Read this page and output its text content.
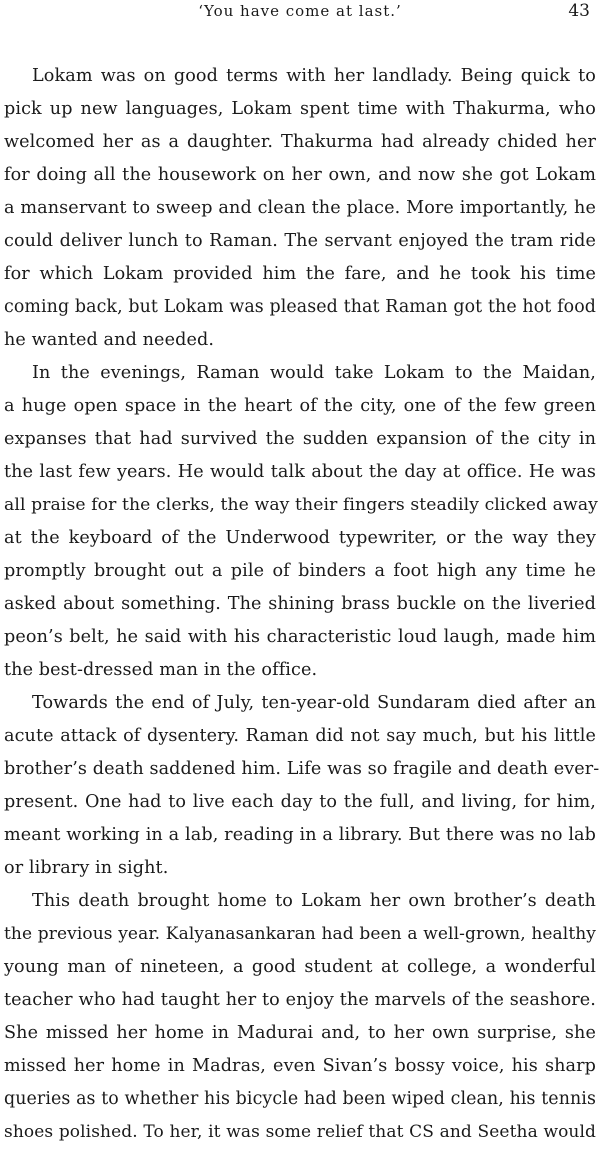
‘You have come at last.’	43
Lokam was on good terms with her landlady. Being quick to
pick up new languages, Lokam spent time with Thakurma, who
welcomed her as a daughter. Thakurma had already chided her
for doing all the housework on her own, and now she got Lokam
a manservant to sweep and clean the place. More importantly, he
could deliver lunch to Raman. The servant enjoyed the tram ride
for which Lokam provided him the fare, and he took his time
coming back, but Lokam was pleased that Raman got the hot food
he wanted and needed.
In the evenings, Raman would take Lokam to the Maidan,
a huge open space in the heart of the city, one of the few green
expanses that had survived the sudden expansion of the city in
the last few years. He would talk about the day at office. He was
all praise for the clerks, the way their fingers steadily clicked away
at the keyboard of the Underwood typewriter, or the way they
promptly brought out a pile of binders a foot high any time he
asked about something. The shining brass buckle on the liveried
peon’s belt, he said with his characteristic loud laugh, made him
the best-dressed man in the office.
Towards the end of July, ten-year-old Sundaram died after an
acute attack of dysentery. Raman did not say much, but his little
brother’s death saddened him. Life was so fragile and death ever-
present. One had to live each day to the full, and living, for him,
meant working in a lab, reading in a library. But there was no lab
or library in sight.
This death brought home to Lokam her own brother’s death
the previous year. Kalyanasankaran had been a well-grown, healthy
young man of nineteen, a good student at college, a wonderful
teacher who had taught her to enjoy the marvels of the seashore.
She missed her home in Madurai and, to her own surprise, she
missed her home in Madras, even Sivan’s bossy voice, his sharp
queries as to whether his bicycle had been wiped clean, his tennis
shoes polished. To her, it was some relief that CS and Seetha would
